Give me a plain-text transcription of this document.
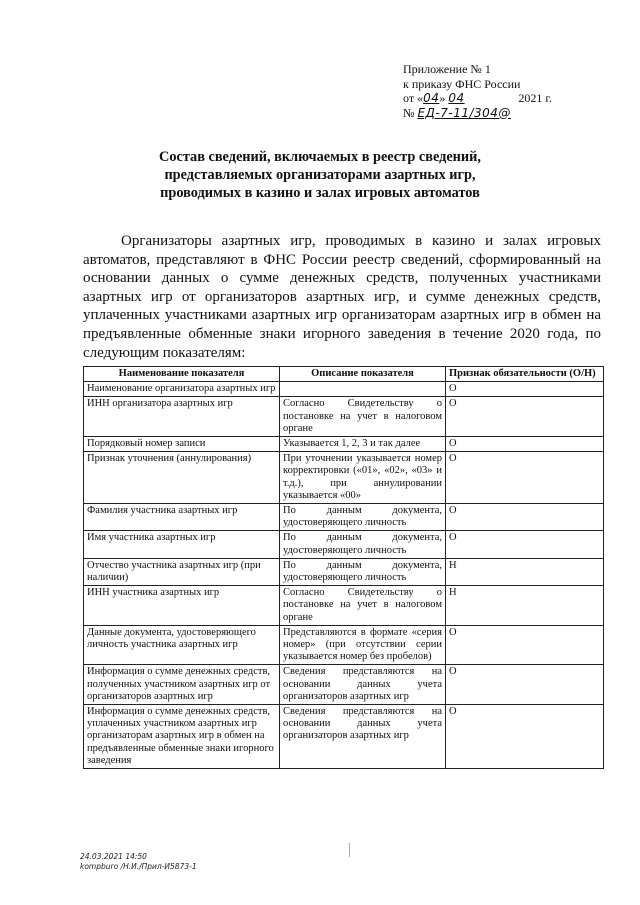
Приложение № 1
к приказу ФНС России
от «04» 04	2021 г.
№ ЕД-7-11/304@
Состав сведений, включаемых в реестр сведений,
представляемых организаторами азартных игр,
проводимых в казино и залах игровых автоматов
Организаторы азартных игр, проводимых в казино и залах игровых автоматов, представляют в ФНС России реестр сведений, сформированный на основании данных о сумме денежных средств, полученных участниками азартных игр от организаторов азартных игр, и сумме денежных средств, уплаченных участниками азартных игр организаторам азартных игр в обмен на предъявленные обменные знаки игорного заведения в течение 2020 года, по следующим показателям:
Наименование показателя	Описание показателя	Признак обязательности (О/Н)
Наименование организатора азартных игр		О
ИНН организатора азартных игр	Согласно Свидетельству о постановке на учет в налоговом органе	О
Порядковый номер записи	Указывается 1, 2, 3 и так далее	О
Признак уточнения (аннулирования)	При уточнении указывается номер корректировки («01», «02», «03» и т.д.), при аннулировании указывается «00»	О
Фамилия участника азартных игр	По данным документа, удостоверяющего личность	О
Имя участника азартных игр	По данным документа, удостоверяющего личность	О
Отчество участника азартных игр (при наличии)	По данным документа, удостоверяющего личность	Н
ИНН участника азартных игр	Согласно Свидетельству о постановке на учет в налоговом органе	Н
Данные документа, удостоверяющего личность участника азартных игр	Представляются в формате «серия номер» (при отсутствии серии указывается номер без пробелов)	О
Информация о сумме денежных средств, полученных участником азартных игр от организаторов азартных игр	Сведения представляются на основании данных учета организаторов азартных игр	О
Информация о сумме денежных средств, уплаченных участником азартных игр организаторам азартных игр в обмен на предъявленные обменные знаки игорного заведения	Сведения представляются на основании данных учета организаторов азартных игр	О
24.03.2021 14:50
kompburo /Н.И./Прил-И5873-1
